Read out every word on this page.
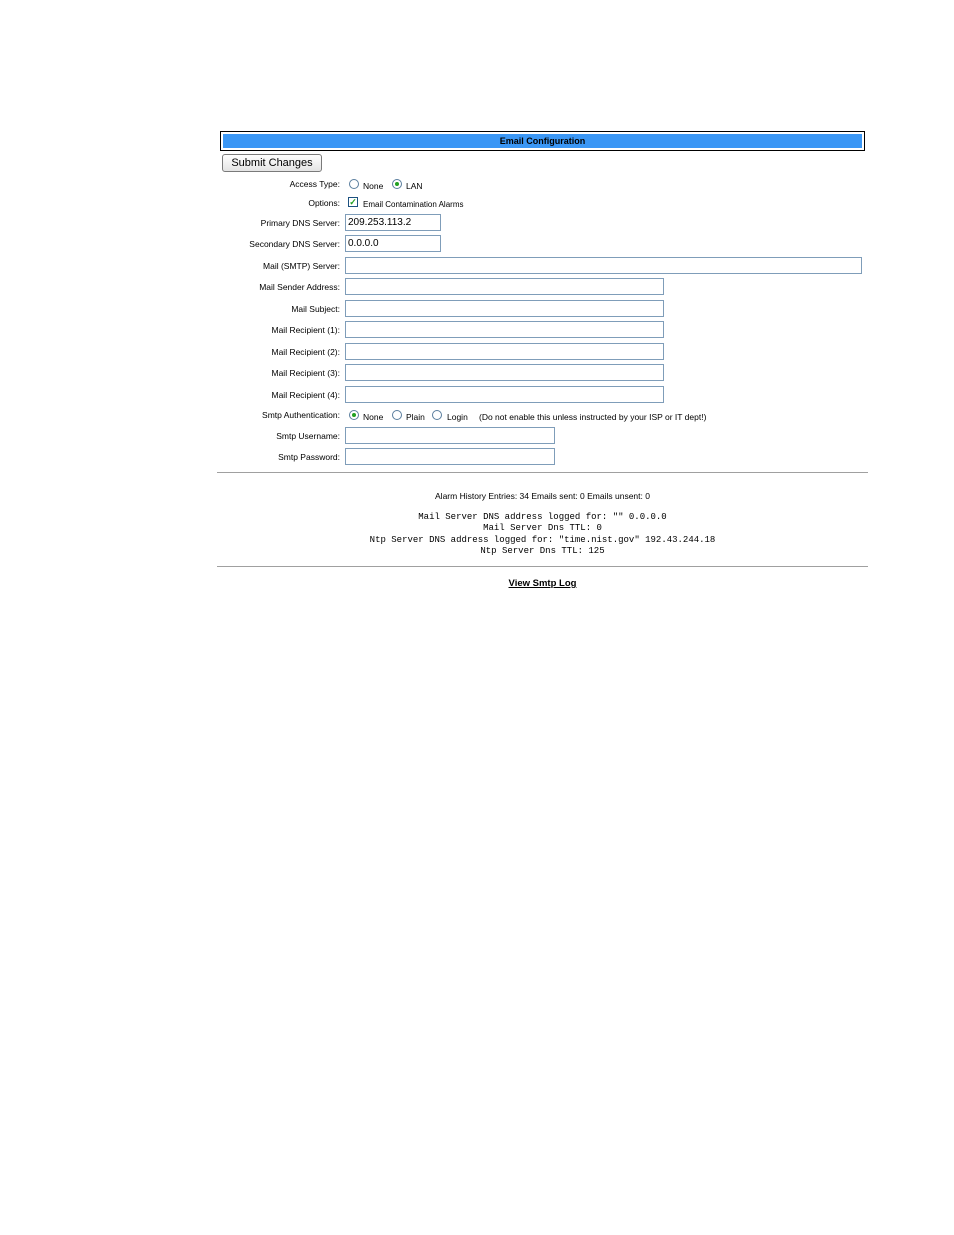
Email Configuration
Submit Changes
Access Type:	None	LAN
Options: ✓ Email Contamination Alarms
Primary DNS Server: 209.253.113.2
Secondary DNS Server: 0.0.0.0
Mail (SMTP) Server:
Mail Sender Address:
Mail Subject:
Mail Recipient (1):
Mail Recipient (2):
Mail Recipient (3):
Mail Recipient (4):
Smtp Authentication:	None	Plain	Login (Do not enable this unless instructed by your ISP or IT dept!)
Smtp Username:
Smtp Password:
Alarm History Entries: 34 Emails sent: 0 Emails unsent: 0
Mail Server DNS address logged for: "" 0.0.0.0
Mail Server Dns TTL: 0
Ntp Server DNS address logged for: "time.nist.gov" 192.43.244.18
Ntp Server Dns TTL: 125
View Smtp Log
